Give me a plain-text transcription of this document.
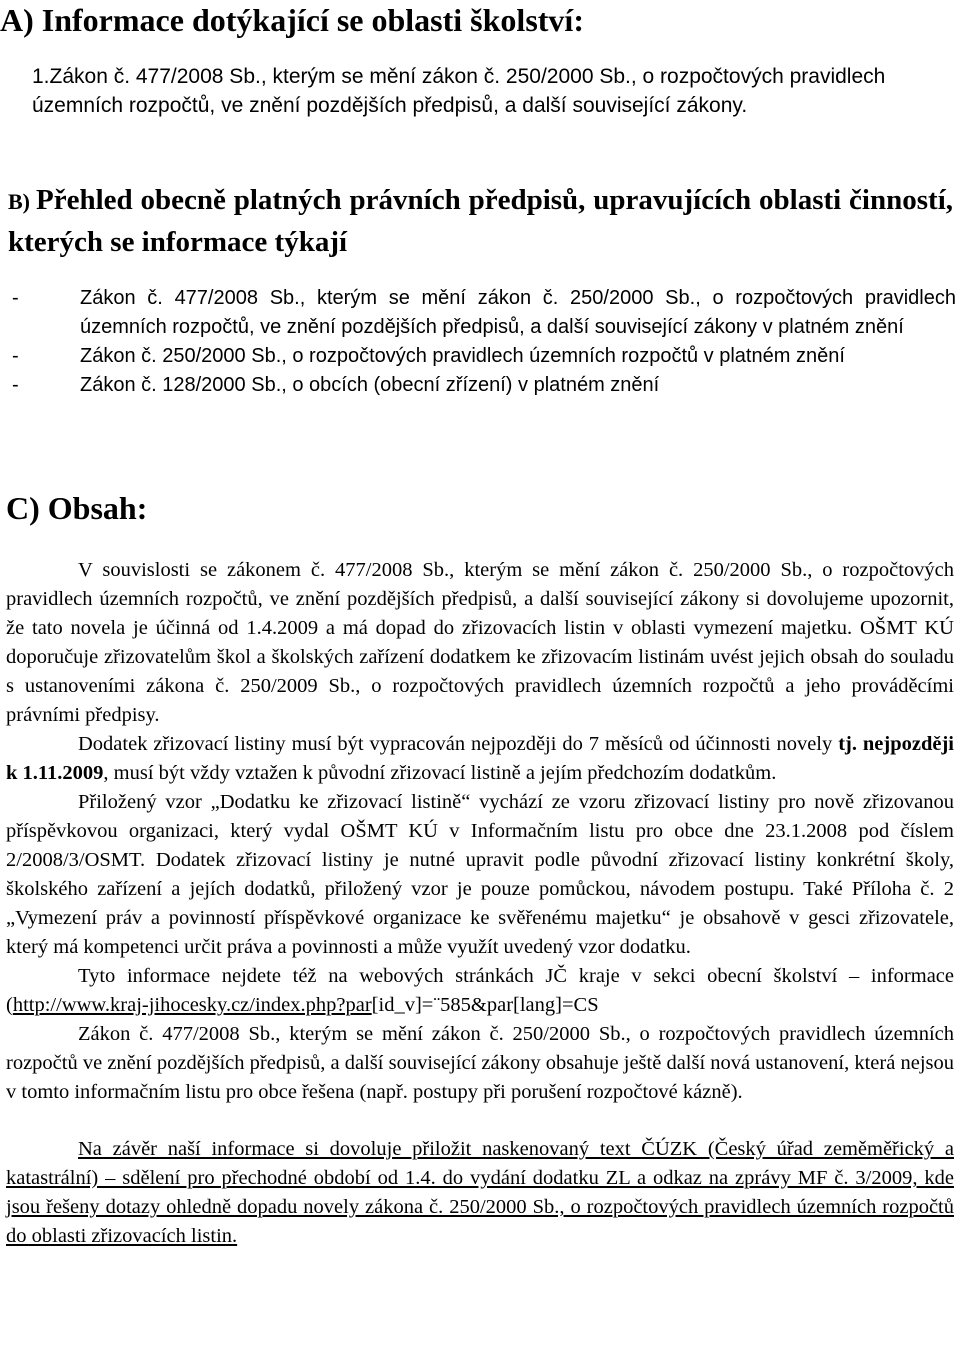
A) Informace dotýkající se oblasti školství:

1.Zákon č. 477/2008 Sb., kterým se mění zákon č. 250/2000 Sb., o rozpočtových pravidlech územních rozpočtů, ve znění pozdějších předpisů, a další související zákony.

B) Přehled obecně platných právních předpisů, upravujících oblasti činností, kterých se informace týkají
-	Zákon č. 477/2008 Sb., kterým se mění zákon č. 250/2000 Sb., o rozpočtových pravidlech územních rozpočtů, ve znění pozdějších předpisů, a další související zákony v platném znění
-	Zákon č. 250/2000 Sb., o rozpočtových pravidlech územních rozpočtů v platném znění
-	Zákon č. 128/2000 Sb., o obcích (obecní zřízení) v platném znění
C) Obsah:

V souvislosti se zákonem č. 477/2008 Sb., kterým se mění zákon č. 250/2000 Sb., o rozpočtových pravidlech územních rozpočtů, ve znění pozdějších předpisů, a další související zákony si dovolujeme upozornit, že tato novela je účinná od 1.4.2009 a má dopad do zřizovacích listin v oblasti vymezení majetku. OŠMT KÚ doporučuje zřizovatelům škol a školských zařízení dodatkem ke zřizovacím listinám uvést jejich obsah do souladu s ustanoveními zákona č. 250/2009 Sb., o rozpočtových pravidlech územních rozpočtů a jeho prováděcími právními předpisy.

Dodatek zřizovací listiny musí být vypracován nejpozději do 7 měsíců od účinnosti novely tj. nejpozději k 1.11.2009, musí být vždy vztažen k původní zřizovací listině a jejím předchozím dodatkům.

Přiložený vzor „Dodatku ke zřizovací listině“ vychází ze vzoru zřizovací listiny pro nově zřizovanou příspěvkovou organizaci, který vydal OŠMT KÚ v Informačním listu pro obce dne 23.1.2008 pod číslem 2/2008/3/OSMT. Dodatek zřizovací listiny je nutné upravit podle původní zřizovací listiny konkrétní školy, školského zařízení a jejích dodatků, přiložený vzor je pouze pomůckou, návodem postupu. Také Příloha č. 2 „Vymezení práv a povinností příspěvkové organizace ke svěřenému majetku“ je obsahově v gesci zřizovatele, který má kompetenci určit práva a povinnosti a může využít uvedený vzor dodatku.

Tyto informace nejdete též na webových stránkách JČ kraje v sekci obecní školství – informace (http://www.kraj-jihocesky.cz/index.php?par[id_v]=¨585&par[lang]=CS

Zákon č. 477/2008 Sb., kterým se mění zákon č. 250/2000 Sb., o rozpočtových pravidlech územních rozpočtů ve znění pozdějších předpisů, a další související zákony obsahuje ještě další nová ustanovení, která nejsou v tomto informačním listu pro obce řešena (např. postupy při porušení rozpočtové kázně).

Na závěr naší informace si dovoluje přiložit naskenovaný text ČÚZK (Český úřad zeměměřický a katastrální) – sdělení pro přechodné období od 1.4. do vydání dodatku ZL a odkaz na zprávy MF č. 3/2009, kde jsou řešeny dotazy ohledně dopadu novely zákona č. 250/2000 Sb., o rozpočtových pravidlech územních rozpočtů do oblasti zřizovacích listin.
